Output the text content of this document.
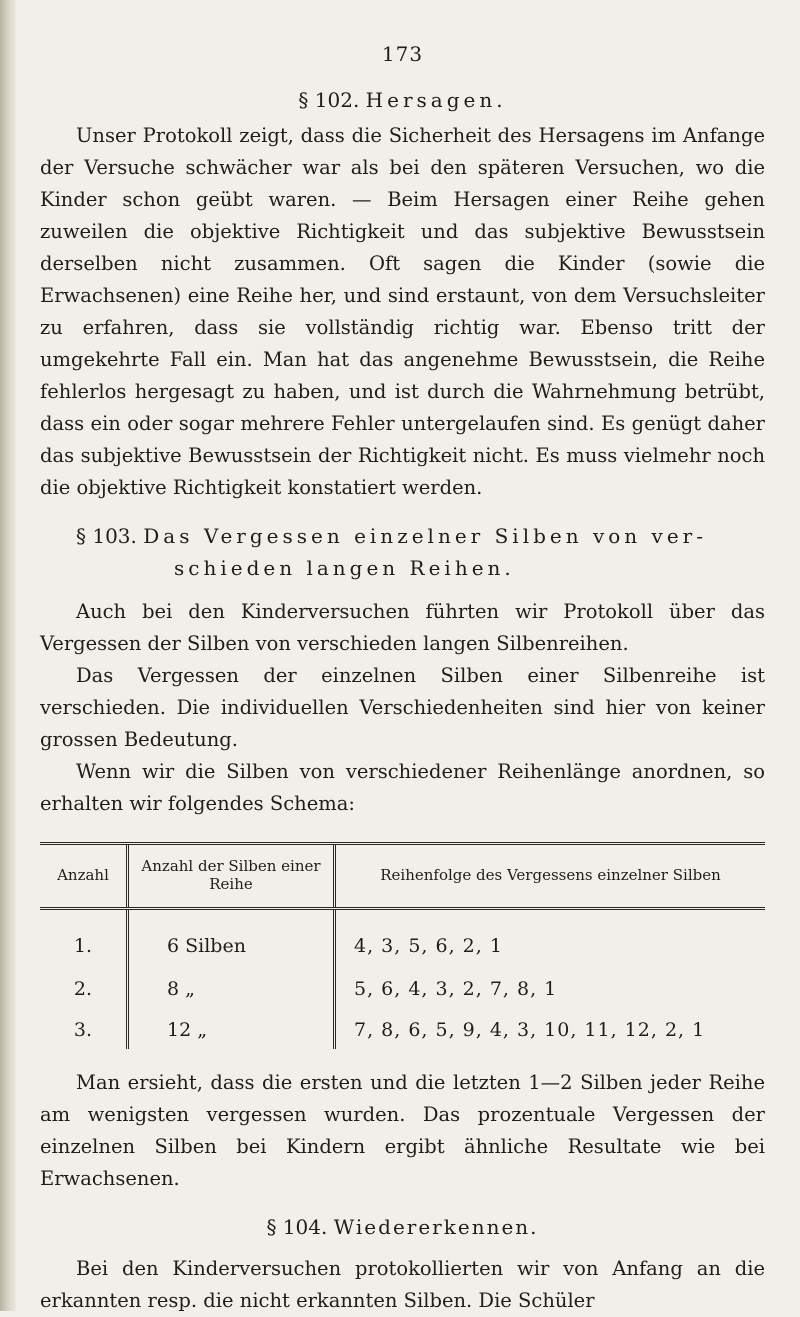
173
§ 102. Hersagen.

Unser Protokoll zeigt, dass die Sicherheit des Hersagens im Anfange der Versuche schwächer war als bei den späteren Versuchen, wo die Kinder schon geübt waren. — Beim Hersagen einer Reihe gehen zuweilen die objektive Richtigkeit und das subjektive Bewusstsein derselben nicht zusammen. Oft sagen die Kinder (sowie die Erwachsenen) eine Reihe her, und sind erstaunt, von dem Versuchsleiter zu erfahren, dass sie vollständig richtig war. Ebenso tritt der umgekehrte Fall ein. Man hat das angenehme Bewusstsein, die Reihe fehlerlos hergesagt zu haben, und ist durch die Wahrnehmung betrübt, dass ein oder sogar mehrere Fehler untergelaufen sind. Es genügt daher das subjektive Bewusstsein der Richtigkeit nicht. Es muss vielmehr noch die objektive Richtigkeit konstatiert werden.

§ 103. Das Vergessen einzelner Silben von ver-
schieden langen Reihen.

Auch bei den Kinderversuchen führten wir Protokoll über das Vergessen der Silben von verschieden langen Silbenreihen.

Das Vergessen der einzelnen Silben einer Silbenreihe ist verschieden. Die individuellen Verschiedenheiten sind hier von keiner grossen Bedeutung.

Wenn wir die Silben von verschiedener Reihenlänge anordnen, so erhalten wir folgendes Schema:

Anzahl	Anzahl der Silben einer Reihe	Reihenfolge des Vergessens einzelner Silben
1.	6 Silben	4, 3, 5, 6, 2, 1
2.	8 „	5, 6, 4, 3, 2, 7, 8, 1
3.	12 „	7, 8, 6, 5, 9, 4, 3, 10, 11, 12, 2, 1

Man ersieht, dass die ersten und die letzten 1—2 Silben jeder Reihe am wenigsten vergessen wurden. Das prozentuale Vergessen der einzelnen Silben bei Kindern ergibt ähnliche Resultate wie bei Erwachsenen.

§ 104. Wiedererkennen.

Bei den Kinderversuchen protokollierten wir von Anfang an die erkannten resp. die nicht erkannten Silben. Die Schüler
